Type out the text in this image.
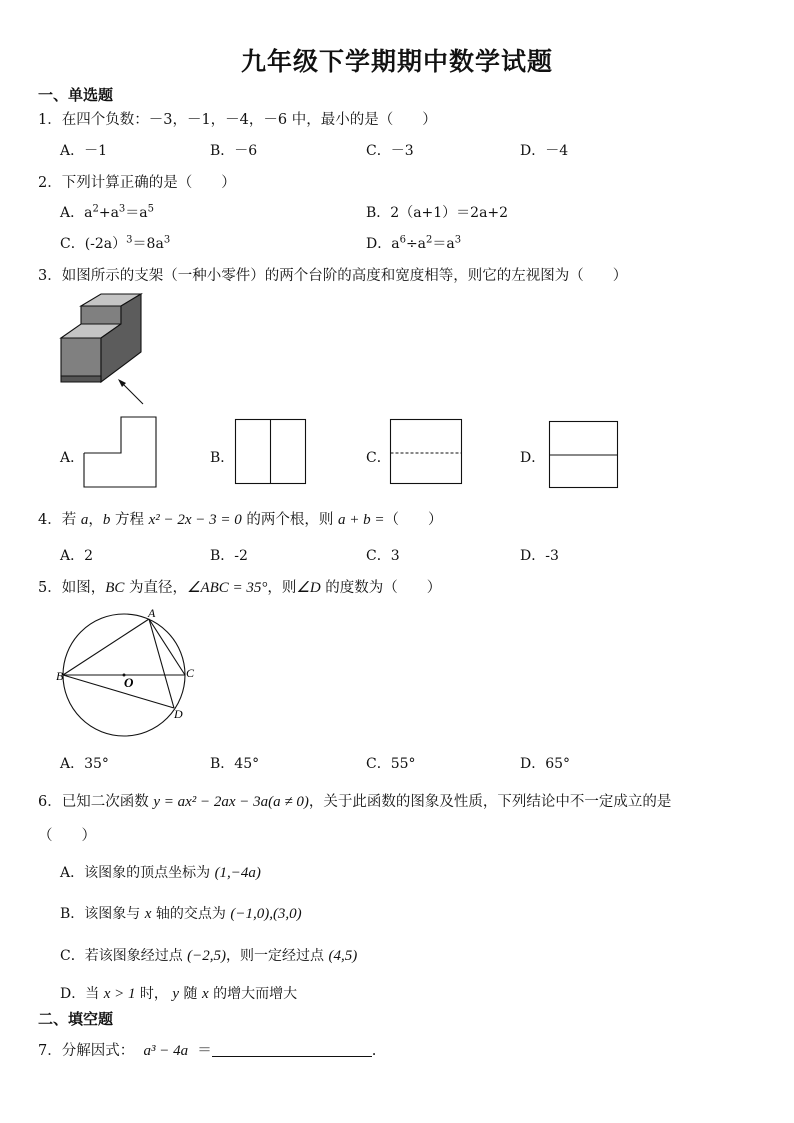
九年级下学期期中数学试题
一、单选题
1．在四个负数：－3，－1，－4，－6 中，最小的是（　　）
A．－1	B．－6	C．－3	D．－4
2．下列计算正确的是（　　）
A．$a^2+a^3=a^5$	B．2（a+1）＝2a+2
C．$(-2a)^3=8a^3$	D．$a^6\div a^2=a^3$
3．如图所示的支架（一种小零件）的两个台阶的高度和宽度相等，则它的左视图为（　　）
A．	B．	C．	D．
4．若 a，b 方程 x² − 2x − 3 = 0 的两个根，则 a + b =（　　）
A．2	B．-2	C．3	D．-3
5．如图，BC 为直径，∠ABC = 35°，则∠D 的度数为（　　）
A
B	C
D
O
A．35°	B．45°	C．55°	D．65°
6．已知二次函数 y = ax² − 2ax − 3a(a ≠ 0)，关于此函数的图象及性质，下列结论中不一定成立的是
（　　）
A．该图象的顶点坐标为 (1,−4a)
B．该图象与 x 轴的交点为 (−1,0),(3,0)
C．若该图象经过点 (−2,5)，则一定经过点 (4,5)
D．当 x > 1 时， y 随 x 的增大而增大
二、填空题
7．分解因式： a³ − 4a ＝	.
